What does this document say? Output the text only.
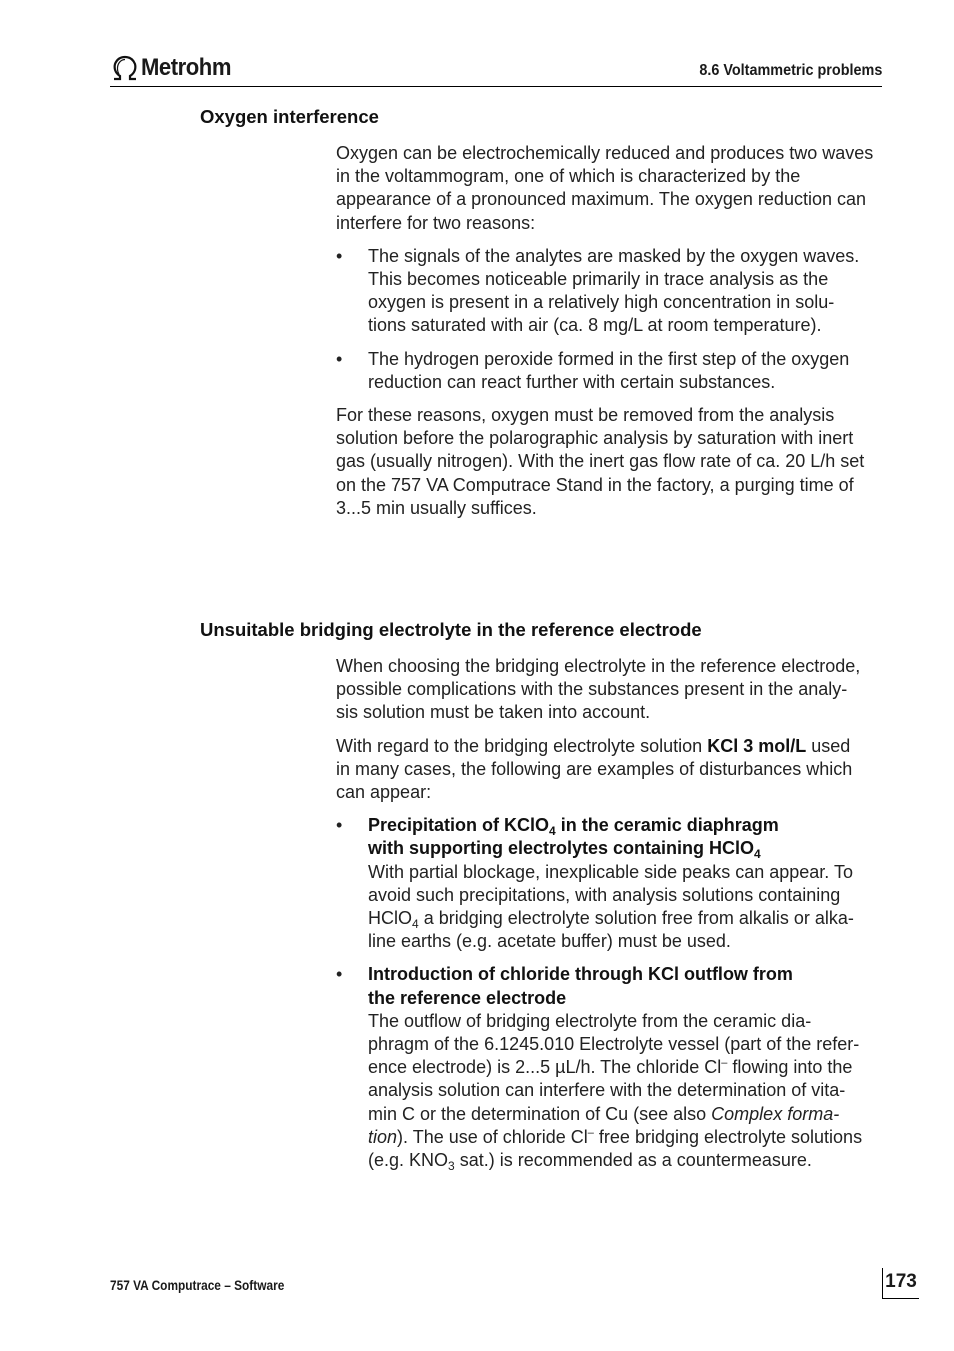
Metrohm	8.6 Voltammetric problems
Oxygen interference

Oxygen can be electrochemically reduced and produces two waves in the voltammogram, one of which is characterized by the appearance of a pronounced maximum. The oxygen reduction can interfere for two reasons:

• The signals of the analytes are masked by the oxygen waves.
This becomes noticeable primarily in trace analysis as the
oxygen is present in a relatively high concentration in solu-
tions saturated with air (ca. 8 mg/L at room temperature).
• The hydrogen peroxide formed in the first step of the oxygen
reduction can react further with certain substances.
For these reasons, oxygen must be removed from the analysis
solution before the polarographic analysis by saturation with inert
gas (usually nitrogen). With the inert gas flow rate of ca. 20 L/h set
on the 757 VA Computrace Stand in the factory, a purging time of
3...5 min usually suffices.
Unsuitable bridging electrolyte in the reference electrode
When choosing the bridging electrolyte in the reference electrode,
possible complications with the substances present in the analy-
sis solution must be taken into account.
With regard to the bridging electrolyte solution KCl 3 mol/L used
in many cases, the following are examples of disturbances which
can appear:
• Precipitation of KClO$_4$ in the ceramic diaphragm
with supporting electrolytes containing HClO$_4$
With partial blockage, inexplicable side peaks can appear. To
avoid such precipitations, with analysis solutions containing
HClO$_4$ a bridging electrolyte solution free from alkalis or alka-
line earths (e.g. acetate buffer) must be used.
• Introduction of chloride through KCl outflow from
the reference electrode
The outflow of bridging electrolyte from the ceramic dia-
phragm of the 6.1245.010 Electrolyte vessel (part of the refer-
ence electrode) is 2...5 µL/h. The chloride Cl– flowing into the
analysis solution can interfere with the determination of vita-
min C or the determination of Cu (see also Complex forma-
tion). The use of chloride Cl– free bridging electrolyte solutions
(e.g. $KNO_3$ sat.) is recommended as a countermeasure.
757 VA Computrace – Software	173
